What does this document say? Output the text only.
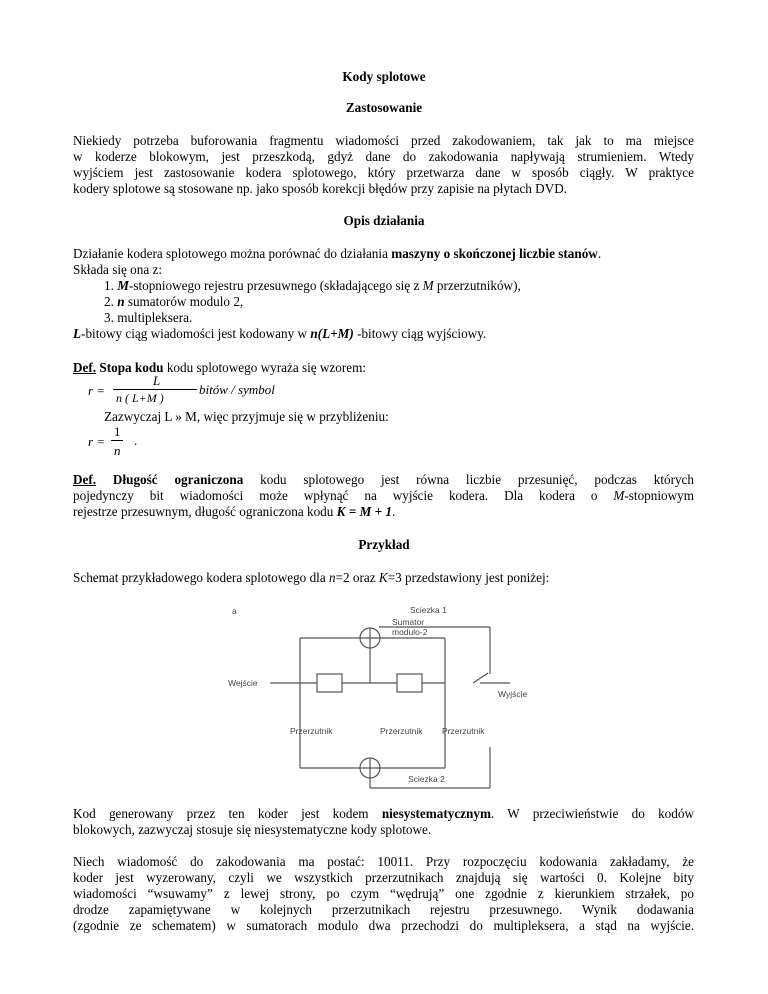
Kody splotowe
Zastosowanie
Niekiedy potrzeba buforowania fragmentu wiadomości przed zakodowaniem, tak jak to ma miejsce
w koderze blokowym, jest przeszkodą, gdyż dane do zakodowania napływają strumieniem. Wtedy
wyjściem jest zastosowanie kodera splotowego, który przetwarza dane w sposób ciągły. W praktyce
kodery splotowe są stosowane np. jako sposób korekcji błędów przy zapisie na płytach DVD.
Opis działania
Działanie kodera splotowego można porównać do działania maszyny o skończonej liczbie stanów.
Składa się ona z:
1. M-stopniowego rejestru przesuwnego (składającego się z M przerzutników),
2. n sumatorów modulo 2,
3. multipleksera.
L-bitowy ciąg wiadomości jest kodowany w n(L+M) -bitowy ciąg wyjściowy.
Def. Stopa kodu kodu splotowego wyraża się wzorem:
r =
L
n ( L+M )
bitów / symbol
Zazwyczaj L » M, więc przyjmuje się w przybliżeniu:
r =
1
n
.
Def. Długość ograniczona kodu splotowego jest równa liczbie przesunięć, podczas których
pojedynczy bit wiadomości może wpłynąć na wyjście kodera. Dla kodera o M-stopniowym
rejestrze przesuwnym, długość ograniczona kodu K = M + 1.
Przykład
Schemat przykładowego kodera splotowego dla n=2 oraz K=3 przedstawiony jest poniżej:
a	Sciezka 1
Sumator
modulo-2
Wejście
Wyjście
Przerzutnik	Przerzutnik Przerzutnik
Sciezka 2
Kod generowany przez ten koder jest kodem niesystematycznym. W przeciwieństwie do kodów
blokowych, zazwyczaj stosuje się niesystematyczne kody splotowe.
Niech wiadomość do zakodowania ma postać: 10011. Przy rozpoczęciu kodowania zakładamy, że
koder jest wyzerowany, czyli we wszystkich przerzutnikach znajdują się wartości 0. Kolejne bity
wiadomości “wsuwamy” z lewej strony, po czym “wędrują” one zgodnie z kierunkiem strzałek, po
drodze zapamiętywane w kolejnych przerzutnikach rejestru przesuwnego. Wynik dodawania
(zgodnie ze schematem) w sumatorach modulo dwa przechodzi do multipleksera, a stąd na wyjście.
